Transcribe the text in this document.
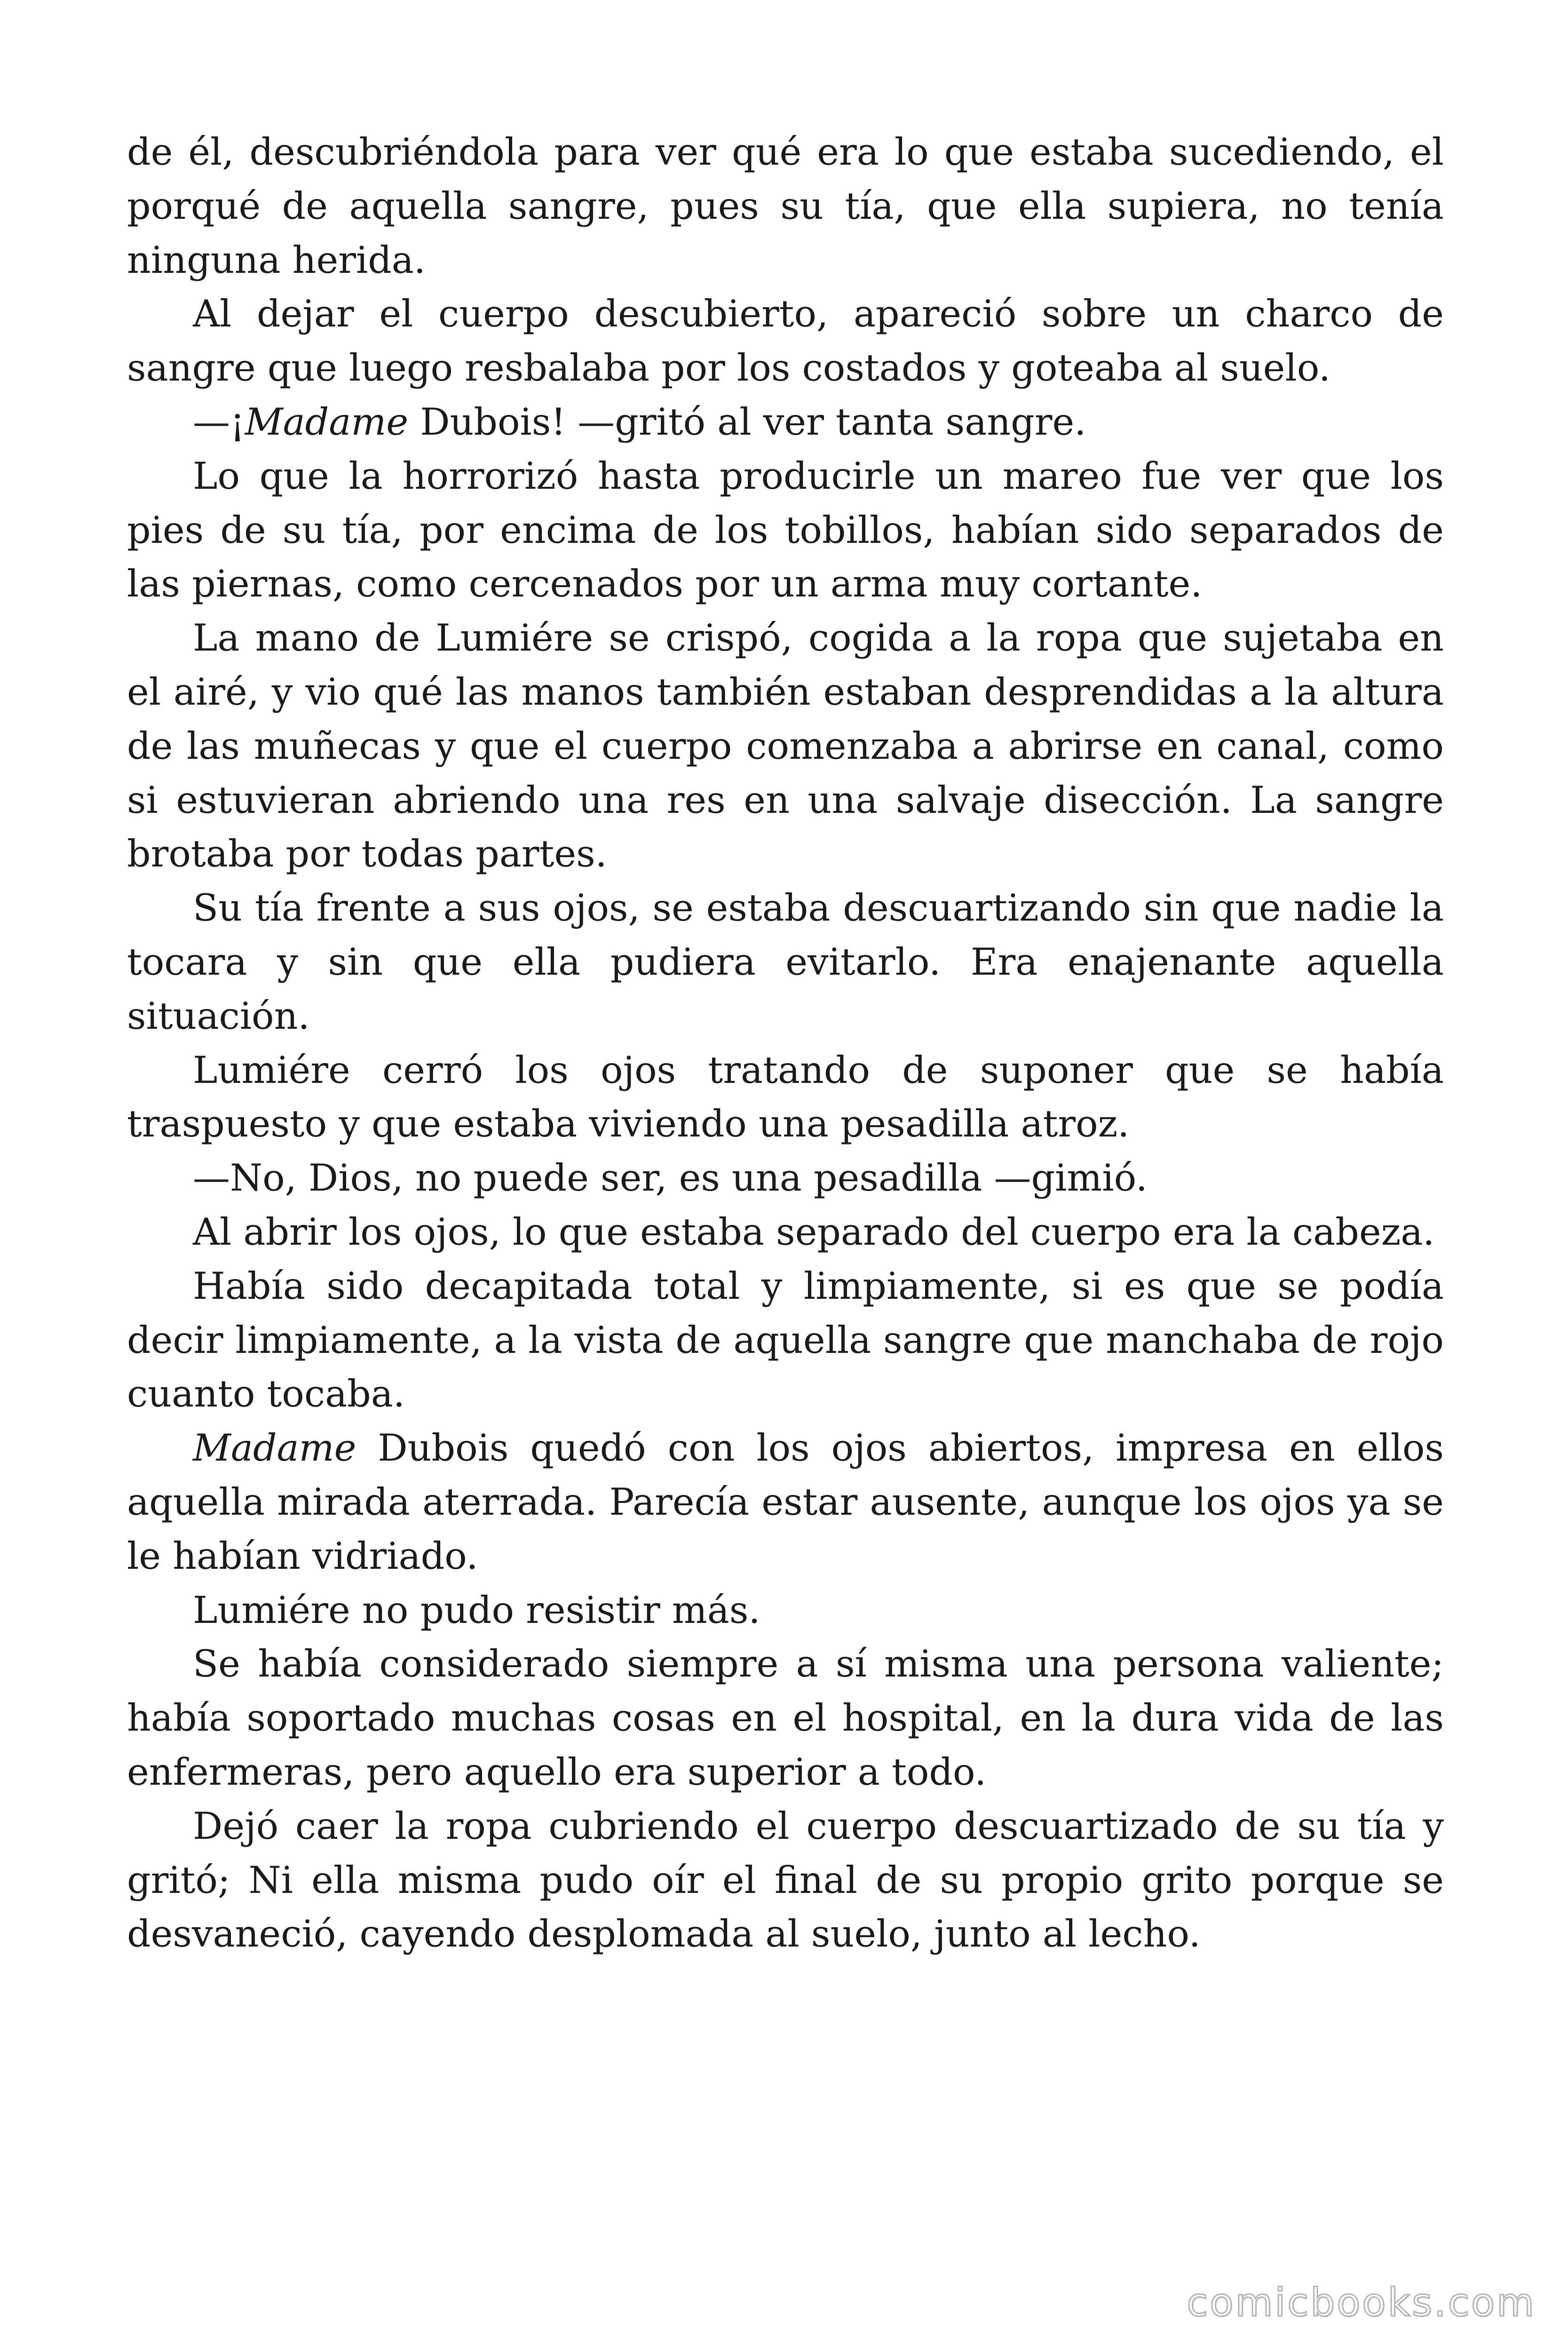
de él, descubriéndola para ver qué era lo que estaba sucediendo, el porqué de aquella sangre, pues su tía, que ella supiera, no tenía ninguna herida.

Al dejar el cuerpo descubierto, apareció sobre un charco de sangre que luego resbalaba por los costados y goteaba al suelo.

—¡Madame Dubois! —gritó al ver tanta sangre.

Lo que la horrorizó hasta producirle un mareo fue ver que los pies de su tía, por encima de los tobillos, habían sido separados de las piernas, como cercenados por un arma muy cortante.

La mano de Lumiére se crispó, cogida a la ropa que sujetaba en el airé, y vio qué las manos también estaban desprendidas a la altura de las muñecas y que el cuerpo comenzaba a abrirse en canal, como si estuvieran abriendo una res en una salvaje disección. La sangre brotaba por todas partes.

Su tía frente a sus ojos, se estaba descuartizando sin que nadie la tocara y sin que ella pudiera evitarlo. Era enajenante aquella situación.

Lumiére cerró los ojos tratando de suponer que se había traspuesto y que estaba viviendo una pesadilla atroz.

—No, Dios, no puede ser, es una pesadilla —gimió.

Al abrir los ojos, lo que estaba separado del cuerpo era la cabeza.

Había sido decapitada total y limpiamente, si es que se podía decir limpiamente, a la vista de aquella sangre que manchaba de rojo cuanto tocaba.

Madame Dubois quedó con los ojos abiertos, impresa en ellos aquella mirada aterrada. Parecía estar ausente, aunque los ojos ya se le habían vidriado.

Lumiére no pudo resistir más.

Se había considerado siempre a sí misma una persona valiente; había soportado muchas cosas en el hospital, en la dura vida de las enfermeras, pero aquello era superior a todo.

Dejó caer la ropa cubriendo el cuerpo descuartizado de su tía y gritó; Ni ella misma pudo oír el final de su propio grito porque se desvaneció, cayendo desplomada al suelo, junto al lecho.

comicbooks.com
